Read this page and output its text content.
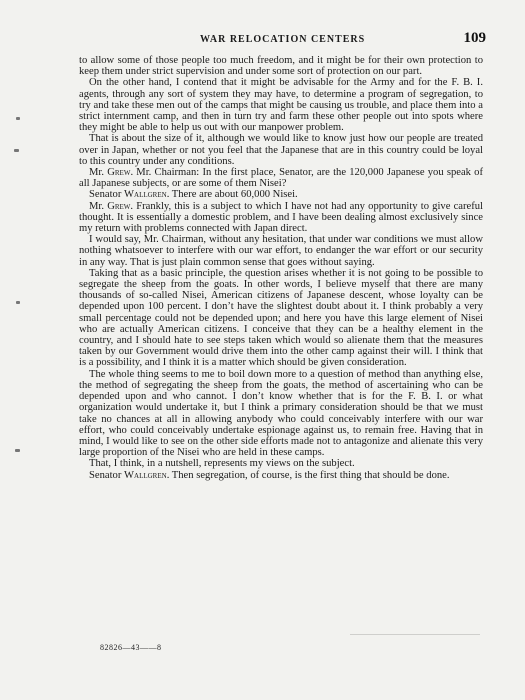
WAR RELOCATION CENTERS	109

to allow some of those people too much freedom, and it might be for their own protection to keep them under strict supervision and under some sort of protection on our part.

On the other hand, I contend that it might be advisable for the Army and for the F. B. I. agents, through any sort of system they may have, to determine a program of segregation, to try and take these men out of the camps that might be causing us trouble, and place them into a strict internment camp, and then in turn try and farm these other people out into spots where they might be able to help us out with our manpower problem.

That is about the size of it, although we would like to know just how our people are treated over in Japan, whether or not you feel that the Japanese that are in this country could be loyal to this country under any conditions.

Mr. Grew. Mr. Chairman: In the first place, Senator, are the 120,000 Japanese you speak of all Japanese subjects, or are some of them Nisei?

Senator Wallgren. There are about 60,000 Nisei.

Mr. Grew. Frankly, this is a subject to which I have not had any opportunity to give careful thought. It is essentially a domestic problem, and I have been dealing almost exclusively since my return with problems connected with Japan direct.

I would say, Mr. Chairman, without any hesitation, that under war conditions we must allow nothing whatsoever to interfere with our war effort, to endanger the war effort or our security in any way. That is just plain common sense that goes without saying.

Taking that as a basic principle, the question arises whether it is not going to be possible to segregate the sheep from the goats. In other words, I believe myself that there are many thousands of so-called Nisei, American citizens of Japanese descent, whose loyalty can be depended upon 100 percent. I don’t have the slightest doubt about it. I think probably a very small percentage could not be depended upon; and here you have this large element of Nisei who are actually American citizens. I conceive that they can be a healthy element in the country, and I should hate to see steps taken which would so alienate them that the measures taken by our Government would drive them into the other camp against their will. I think that is a possibility, and I think it is a matter which should be given consideration.

The whole thing seems to me to boil down more to a question of method than anything else, the method of segregating the sheep from the goats, the method of ascertaining who can be depended upon and who cannot. I don’t know whether that is for the F. B. I. or what organization would undertake it, but I think a primary consideration should be that we must take no chances at all in allowing anybody who could conceivably interfere with our war effort, who could conceivably undertake espionage against us, to remain free. Having that in mind, I would like to see on the other side efforts made not to antagonize and alienate this very large proportion of the Nisei who are held in these camps.

That, I think, in a nutshell, represents my views on the subject.

Senator Wallgren. Then segregation, of course, is the first thing that should be done.

82826—43——8
